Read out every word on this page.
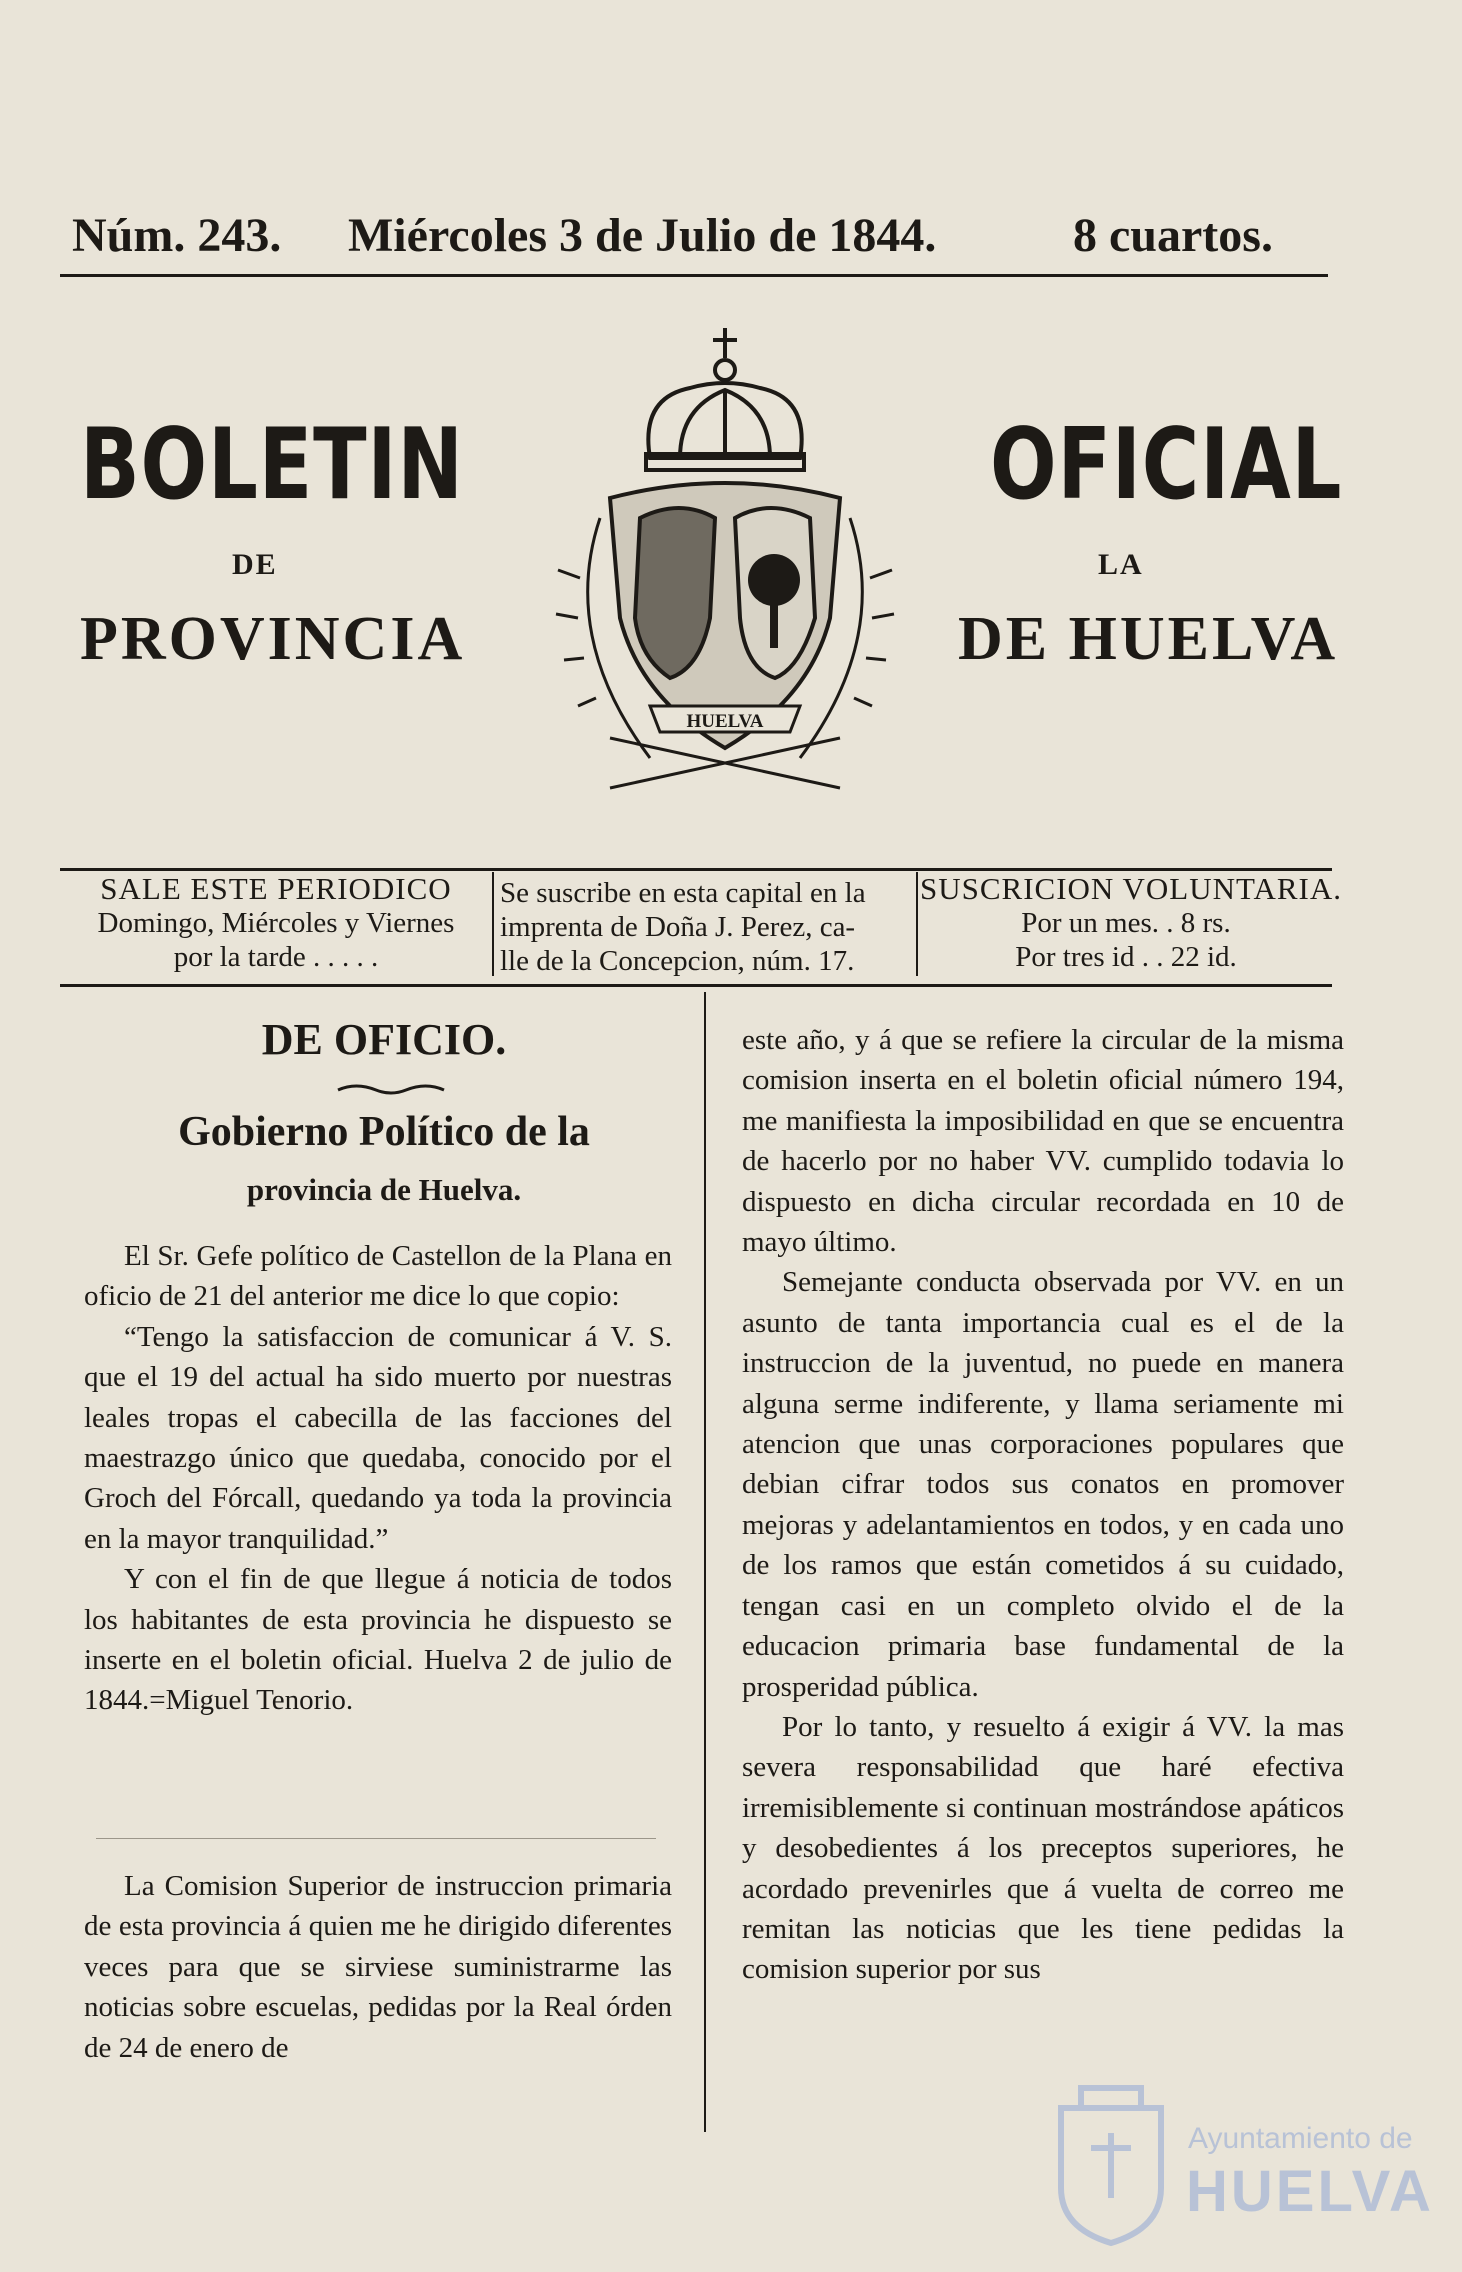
Núm. 243. Miércoles 3 de Julio de 1844.	8 cuartos.
BOLETIN
DE
PROVINCIA
OFICIAL
LA
DE HUELVA
HUELVA
SALE ESTE PERIODICO
Domingo, Miércoles y Viernes
por la tarde . . . . .
Se suscribe en esta capital en la
imprenta de Doña J. Perez, ca-
lle de la Concepcion, núm. 17.
SUSCRICION VOLUNTARIA.
Por un mes. . 8 rs.
Por tres id . . 22 id.
DE OFICIO.
Gobierno Político de la
provincia de Huelva.

El Sr. Gefe político de Castellon de la Plana en oficio de 21 del anterior me dice lo que copio:

“Tengo la satisfaccion de comunicar á V. S. que el 19 del actual ha sido muerto por nuestras leales tropas el cabecilla de las facciones del maestrazgo único que quedaba, conocido por el Groch del Fórcall, quedando ya toda la provincia en la mayor tranquilidad.”

Y con el fin de que llegue á noticia de todos los habitantes de esta provincia he dispuesto se inserte en el boletin oficial. Huelva 2 de julio de 1844.=Miguel Tenorio.

La Comision Superior de instruccion primaria de esta provincia á quien me he dirigido diferentes veces para que se sirviese suministrarme las noticias sobre escuelas, pedidas por la Real órden de 24 de enero de

este año, y á que se refiere la circular de la misma comision inserta en el boletin oficial número 194, me manifiesta la imposibilidad en que se encuentra de hacerlo por no haber VV. cumplido todavia lo dispuesto en dicha circular recordada en 10 de mayo último.

Semejante conducta observada por VV. en un asunto de tanta importancia cual es el de la instruccion de la juventud, no puede en manera alguna serme indiferente, y llama seriamente mi atencion que unas corporaciones populares que debian cifrar todos sus conatos en promover mejoras y adelantamientos en todos, y en cada uno de los ramos que están cometidos á su cuidado, tengan casi en un completo olvido el de la educacion primaria base fundamental de la prosperidad pública.

Por lo tanto, y resuelto á exigir á VV. la mas severa responsabilidad que haré efectiva irremisiblemente si continuan mostrándose apáticos y desobedientes á los preceptos superiores, he acordado prevenirles que á vuelta de correo me remitan las noticias que les tiene pedidas la comision superior por sus

Ayuntamiento de
HUELVA
